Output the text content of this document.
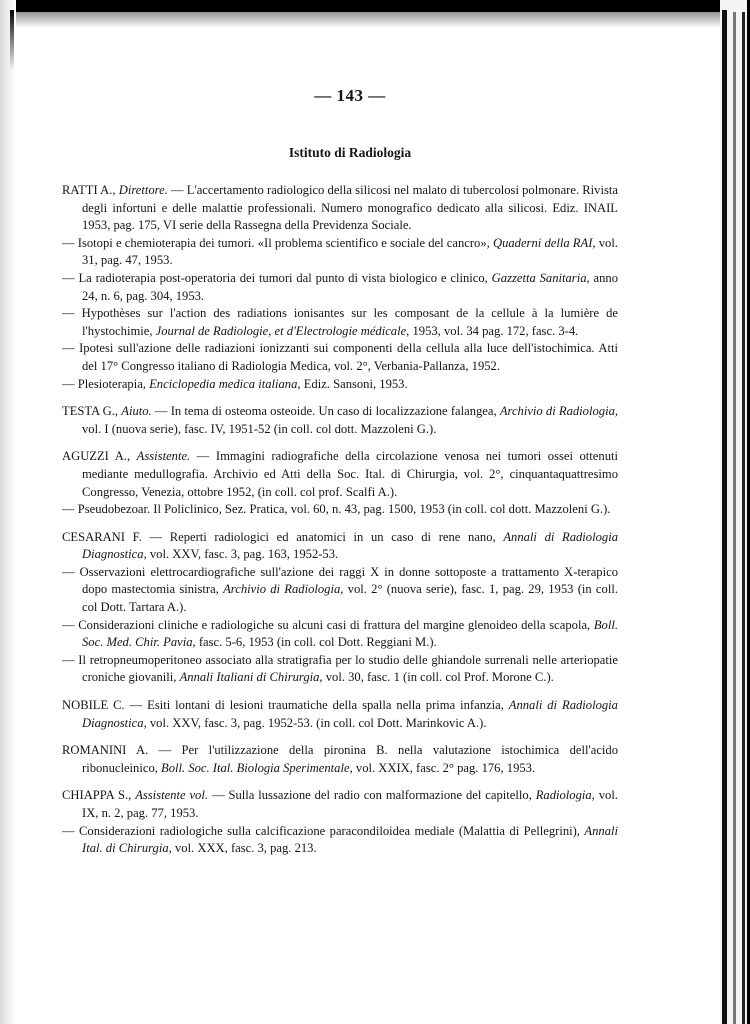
— 143 —
Istituto di Radiologia
RATTI A., Direttore. — L'accertamento radiologico della silicosi nel malato di tubercolosi polmonare. Rivista degli infortuni e delle malattie professionali. Numero monografico dedicato alla silicosi. Ediz. INAIL 1953, pag. 175, VI serie della Rassegna della Previdenza Sociale.
— Isotopi e chemioterapia dei tumori. «Il problema scientifico e sociale del cancro», Quaderni della RAI, vol. 31, pag. 47, 1953.
— La radioterapia post-operatoria dei tumori dal punto di vista biologico e clinico, Gazzetta Sanitaria, anno 24, n. 6, pag. 304, 1953.
— Hypothèses sur l'action des radiations ionisantes sur les composant de la cellule à la lumière de l'hystochimie, Journal de Radiologie, et d'Electrologie médicale, 1953, vol. 34 pag. 172, fasc. 3-4.
— Ipotesi sull'azione delle radiazioni ionizzanti sui componenti della cellula alla luce dell'istochimica. Atti del 17° Congresso italiano di Radiologia Medica, vol. 2°, Verbania-Pallanza, 1952.
— Plesioterapia, Enciclopedia medica italiana, Ediz. Sansoni, 1953.
TESTA G., Aiuto. — In tema di osteoma osteoide. Un caso di localizzazione falangea, Archivio di Radiologia, vol. I (nuova serie), fasc. IV, 1951-52 (in coll. col dott. Mazzoleni G.).
AGUZZI A., Assistente. — Immagini radiografiche della circolazione venosa nei tumori ossei ottenuti mediante medullografia. Archivio ed Atti della Soc. Ital. di Chirurgia, vol. 2°, cinquantaquattresimo Congresso, Venezia, ottobre 1952, (in coll. col prof. Scalfi A.).
— Pseudobezoar. Il Policlinico, Sez. Pratica, vol. 60, n. 43, pag. 1500, 1953 (in coll. col dott. Mazzoleni G.).
CESARANI F. — Reperti radiologici ed anatomici in un caso di rene nano, Annali di Radiologia Diagnostica, vol. XXV, fasc. 3, pag. 163, 1952-53.
— Osservazioni elettrocardiografiche sull'azione dei raggi X in donne sottoposte a trattamento X-terapico dopo mastectomia sinistra, Archivio di Radiologia, vol. 2° (nuova serie), fasc. 1, pag. 29, 1953 (in coll. col Dott. Tartara A.).
— Considerazioni cliniche e radiologiche su alcuni casi di frattura del margine glenoideo della scapola, Boll. Soc. Med. Chir. Pavia, fasc. 5-6, 1953 (in coll. col Dott. Reggiani M.).
— Il retropneumoperitoneo associato alla stratigrafia per lo studio delle ghiandole surrenali nelle arteriopatie croniche giovanili, Annali Italiani di Chirurgia, vol. 30, fasc. 1 (in coll. col Prof. Morone C.).
NOBILE C. — Esiti lontani di lesioni traumatiche della spalla nella prima infanzia, Annali di Radiologia Diagnostica, vol. XXV, fasc. 3, pag. 1952-53. (in coll. col Dott. Marinkovic A.).
ROMANINI A. — Per l'utilizzazione della pironina B. nella valutazione istochimica dell'acido ribonucleinico, Boll. Soc. Ital. Biologia Sperimentale, vol. XXIX, fasc. 2° pag. 176, 1953.
CHIAPPA S., Assistente vol. — Sulla lussazione del radio con malformazione del capitello, Radiologia, vol. IX, n. 2, pag. 77, 1953.
— Considerazioni radiologiche sulla calcificazione paracondiloidea mediale (Malattia di Pellegrini), Annali Ital. di Chirurgia, vol. XXX, fasc. 3, pag. 213.
